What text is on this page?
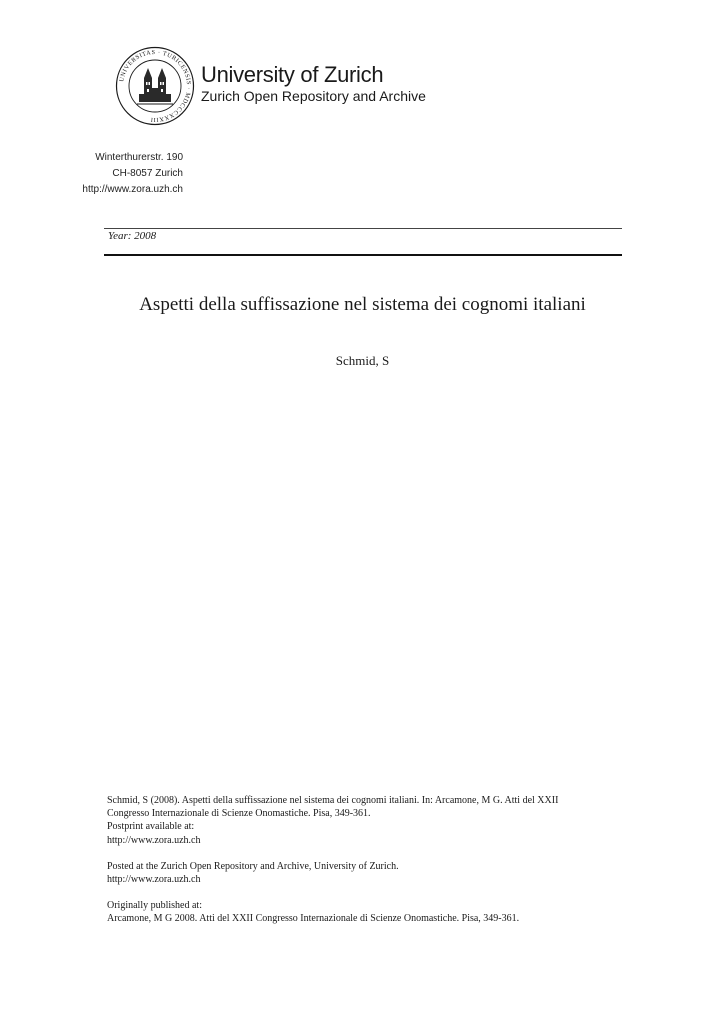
UNIVERSITAS · TURICENSIS · MDCCCXXXIII
University of Zurich
Zurich Open Repository and Archive
Winterthurerstr. 190
CH-8057 Zurich
http://www.zora.uzh.ch
Year: 2008
Aspetti della suffissazione nel sistema dei cognomi italiani
Schmid, S

Schmid, S (2008). Aspetti della suffissazione nel sistema dei cognomi italiani. In: Arcamone, M G. Atti del XXII
Congresso Internazionale di Scienze Onomastiche. Pisa, 349-361.
Postprint available at:
http://www.zora.uzh.ch

Posted at the Zurich Open Repository and Archive, University of Zurich.
http://www.zora.uzh.ch

Originally published at:
Arcamone, M G 2008. Atti del XXII Congresso Internazionale di Scienze Onomastiche. Pisa, 349-361.
